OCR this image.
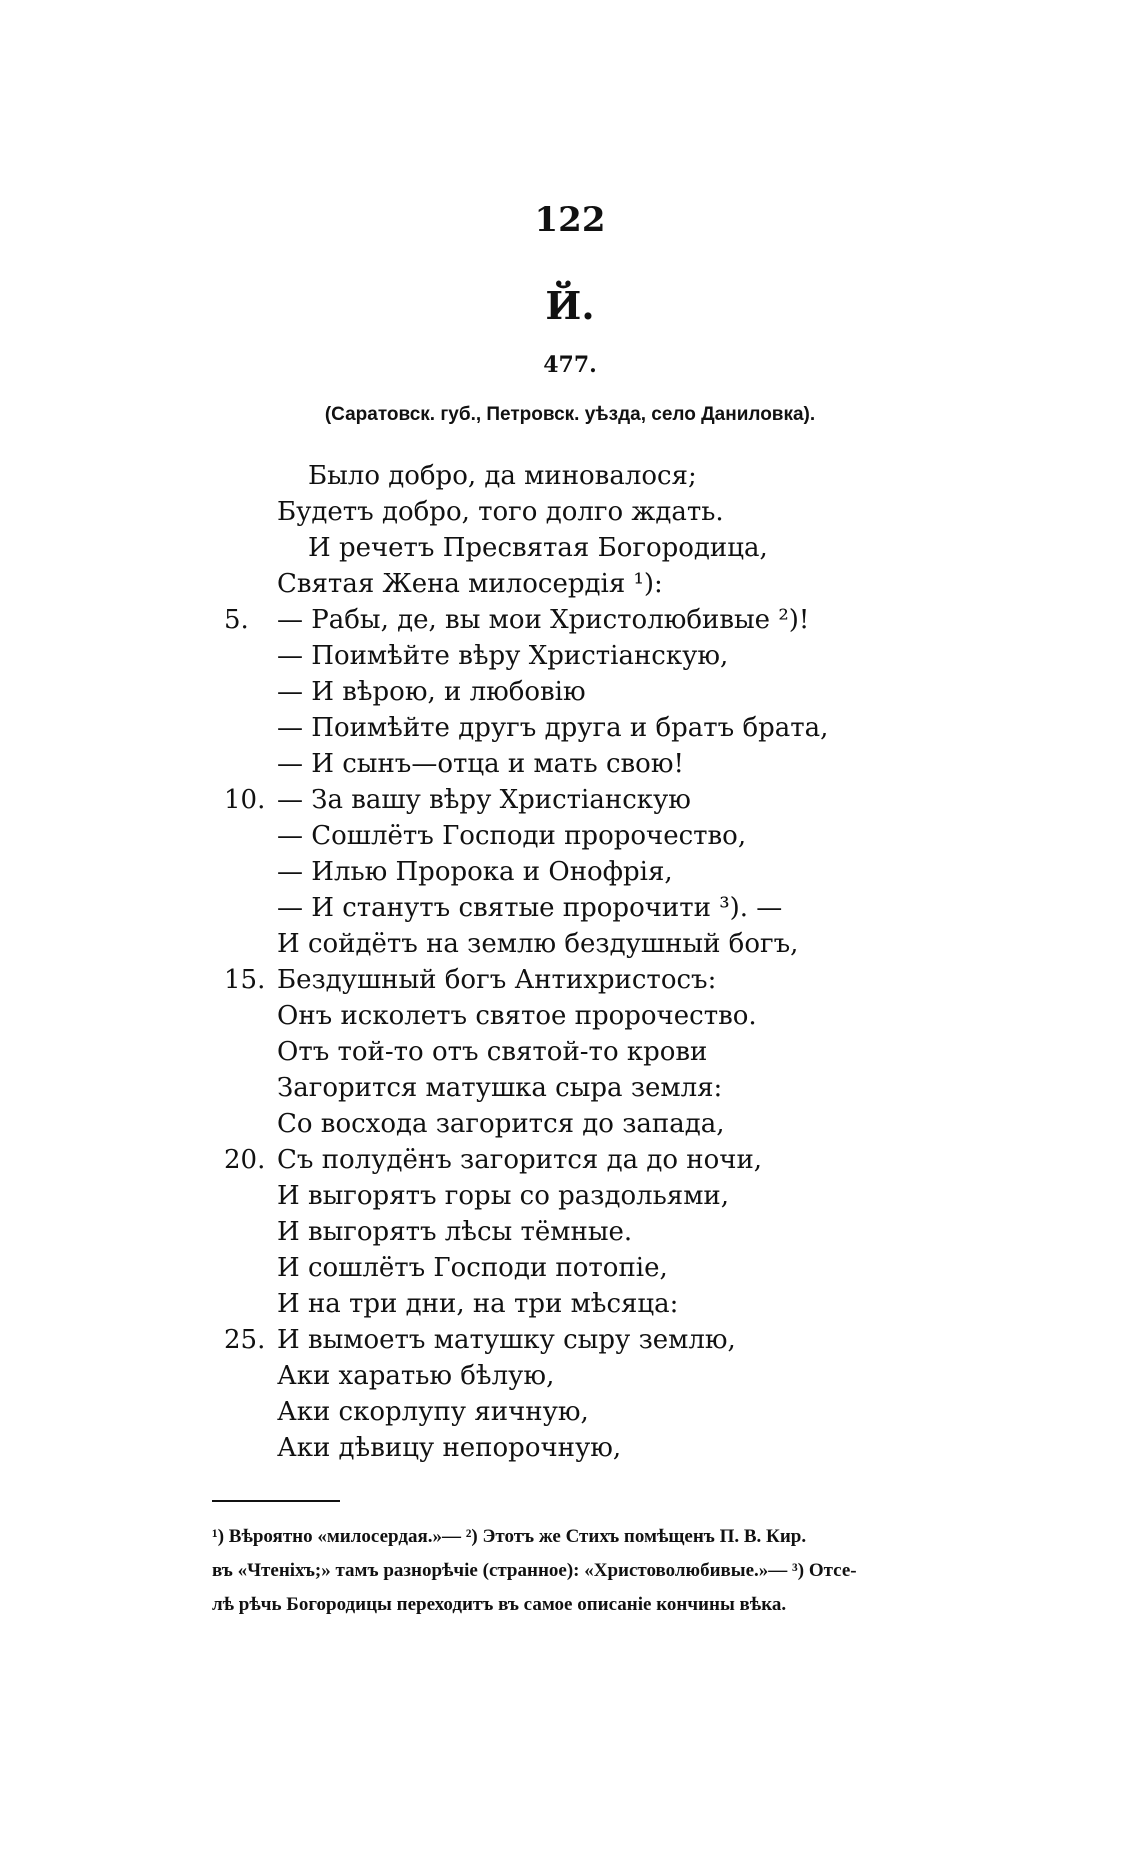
122
Й.
477.
(Саратовск. губ., Петровск. уѣзда, село Даниловка).
Было добро, да миновалося;
Будетъ добро, того долго ждать.
И речетъ Пресвятая Богородица,
Святая Жена милосердія ¹):
5.	— Рабы, де, вы мои Христолюбивые ²)!
— Поимѣйте вѣру Христіанскую,
— И вѣрою, и любовію
— Поимѣйте другъ друга и братъ брата,
— И сынъ—отца и мать свою!
10. — За вашу вѣру Христіанскую
— Сошлётъ Господи пророчество,
— Илью Пророка и Онофрія,
— И станутъ святые пророчити ³). —
И сойдётъ на землю бездушный богъ,
15. Бездушный богъ Антихристосъ:
Онъ исколетъ святое пророчество.
Отъ той-то отъ святой-то крови
Загорится матушка сыра земля:
Со восхода загорится до запада,
20. Съ полудёнъ загорится да до ночи,
И выгорятъ горы со раздольями,
И выгорятъ лѣсы тёмные.
И сошлётъ Господи потопіе,
И на три дни, на три мѣсяца:
25. И вымоетъ матушку сыру землю,
Аки харатью бѣлую,
Аки скорлупу яичную,
Аки дѣвицу непорочную,
¹) Вѣроятно «милосердая.»— ²) Этотъ же Стихъ помѣщенъ П. В. Кир.
въ «Чтеніхъ;» тамъ разнорѣчіе (странное): «Христоволюбивые.»— ³) Отсе-
лѣ рѣчь Богородицы переходитъ въ самое описаніе кончины вѣка.
